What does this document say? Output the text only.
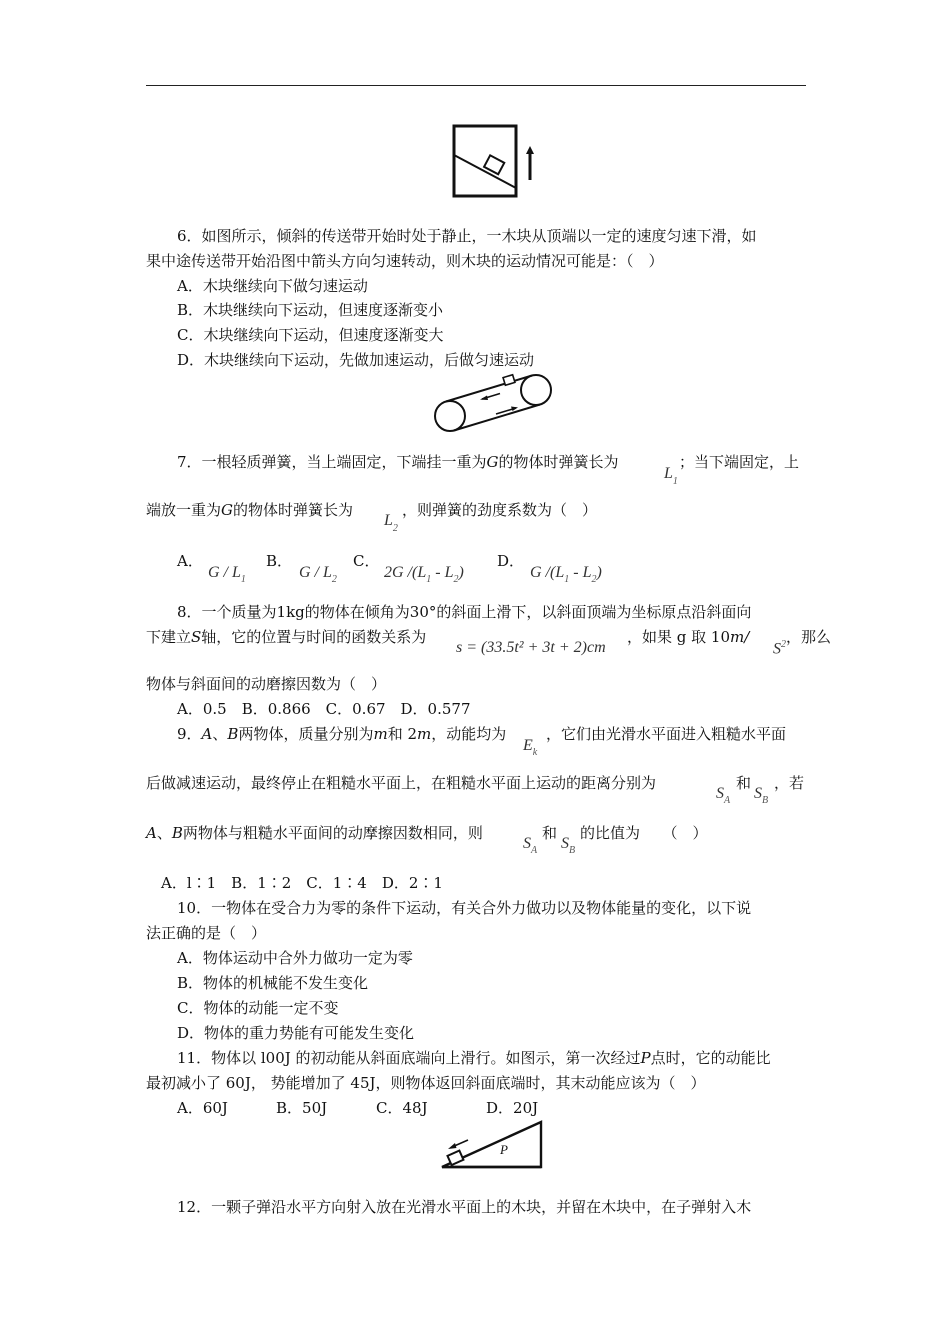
6．如图所示，倾斜的传送带开始时处于静止，一木块从顶端以一定的速度匀速下滑，如
果中途传送带开始沿图中箭头方向匀速转动，则木块的运动情况可能是：（　）
A．木块继续向下做匀速运动
B．木块继续向下运动，但速度逐渐变小
C．木块继续向下运动，但速度逐渐变大
D．木块继续向下运动，先做加速运动，后做匀速运动
7．一根轻质弹簧，当上端固定，下端挂一重为G的物体时弹簧长为
$L_1$
；当下端固定，上
端放一重为G的物体时弹簧长为
$L_2$
，则弹簧的劲度系数为（　）
A．
G / $L_1$
B．
G / $L_2$
C．
2G $/(L_1 - L_2)$
D．
G $/(L_1 - L_2)$
8．一个质量为1kg的物体在倾角为30°的斜面上滑下，以斜面顶端为坐标原点沿斜面向
下建立S轴，它的位置与时间的函数关系为
s = (33.5t² + 3t + 2)cm
，如果 g 取 10m/
$S^2$ ，那么
物体与斜面间的动磨擦因数为（　）
A．0.5　B．0.866　C．0.67　D．0.577
9．A、B两物体，质量分别为m和 2m，动能均为
$E_k$
，它们由光滑水平面进入粗糙水平面
后做减速运动，最终停止在粗糙水平面上，在粗糙水平面上运动的距离分别为
$S_A$
和
$S_B$
，若
A、B两物体与粗糙水平面间的动摩擦因数相同，则
$S_A$
和
$S_B$
的比值为　　（　）
A．l∶1　B．1∶2　C．1∶4　D．2∶1
10．一物体在受合力为零的条件下运动，有关合外力做功以及物体能量的变化，以下说
法正确的是（　）
A．物体运动中合外力做功一定为零
B．物体的机械能不发生变化
C．物体的动能一定不变
D．物体的重力势能有可能发生变化
11．物体以 l00J 的初动能从斜面底端向上滑行。如图示，第一次经过P点时，它的动能比
最初减小了 60J， 势能增加了 45J，则物体返回斜面底端时，其末动能应该为（　）
A．60J	B．50J	C．48J	D．20J
P
12．一颗子弹沿水平方向射入放在光滑水平面上的木块，并留在木块中，在子弹射入木
